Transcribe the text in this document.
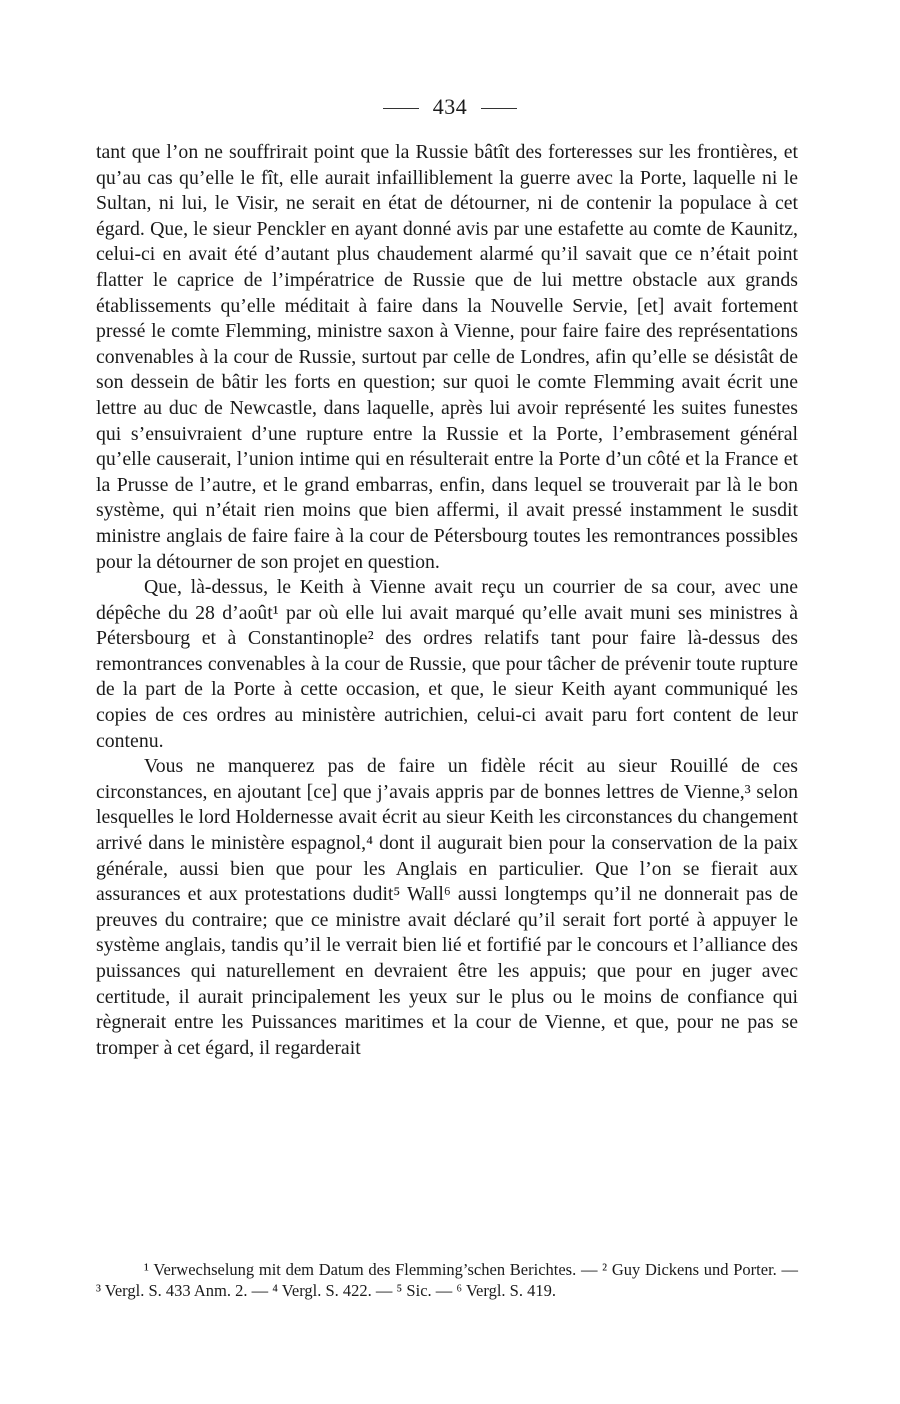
434

tant que l’on ne souffrirait point que la Russie bâtît des forteresses sur les frontières, et qu’au cas qu’elle le fît, elle aurait infailliblement la guerre avec la Porte, laquelle ni le Sultan, ni lui, le Visir, ne serait en état de détourner, ni de contenir la populace à cet égard. Que, le sieur Penckler en ayant donné avis par une estafette au comte de Kaunitz, celui-ci en avait été d’autant plus chaudement alarmé qu’il savait que ce n’était point flatter le caprice de l’impératrice de Russie que de lui mettre obstacle aux grands établissements qu’elle méditait à faire dans la Nouvelle Servie, [et] avait fortement pressé le comte Flemming, ministre saxon à Vienne, pour faire faire des représentations convenables à la cour de Russie, surtout par celle de Londres, afin qu’elle se désistât de son dessein de bâtir les forts en question; sur quoi le comte Flemming avait écrit une lettre au duc de Newcastle, dans laquelle, après lui avoir représenté les suites funestes qui s’ensuivraient d’une rupture entre la Russie et la Porte, l’embrasement général qu’elle causerait, l’union intime qui en résulterait entre la Porte d’un côté et la France et la Prusse de l’autre, et le grand embarras, enfin, dans lequel se trouverait par là le bon système, qui n’était rien moins que bien affermi, il avait pressé instamment le susdit ministre anglais de faire faire à la cour de Pétersbourg toutes les remontrances possibles pour la détourner de son projet en question.

Que, là-dessus, le Keith à Vienne avait reçu un courrier de sa cour, avec une dépêche du 28 d’août¹ par où elle lui avait marqué qu’elle avait muni ses ministres à Pétersbourg et à Constantinople² des ordres relatifs tant pour faire là-dessus des remontrances convenables à la cour de Russie, que pour tâcher de prévenir toute rupture de la part de la Porte à cette occasion, et que, le sieur Keith ayant communiqué les copies de ces ordres au ministère autrichien, celui-ci avait paru fort content de leur contenu.

Vous ne manquerez pas de faire un fidèle récit au sieur Rouillé de ces circonstances, en ajoutant [ce] que j’avais appris par de bonnes lettres de Vienne,³ selon lesquelles le lord Holdernesse avait écrit au sieur Keith les circonstances du changement arrivé dans le ministère espagnol,⁴ dont il augurait bien pour la conservation de la paix générale, aussi bien que pour les Anglais en particulier. Que l’on se fierait aux assurances et aux protestations dudit⁵ Wall⁶ aussi longtemps qu’il ne donnerait pas de preuves du contraire; que ce ministre avait déclaré qu’il serait fort porté à appuyer le système anglais, tandis qu’il le verrait bien lié et fortifié par le concours et l’alliance des puissances qui naturellement en devraient être les appuis; que pour en juger avec certitude, il aurait principalement les yeux sur le plus ou le moins de confiance qui règnerait entre les Puissances maritimes et la cour de Vienne, et que, pour ne pas se tromper à cet égard, il regarderait

¹ Verwechselung mit dem Datum des Flemming’schen Berichtes. — ² Guy Dickens und Porter. — ³ Vergl. S. 433 Anm. 2. — ⁴ Vergl. S. 422. — ⁵ Sic. — ⁶ Vergl. S. 419.
